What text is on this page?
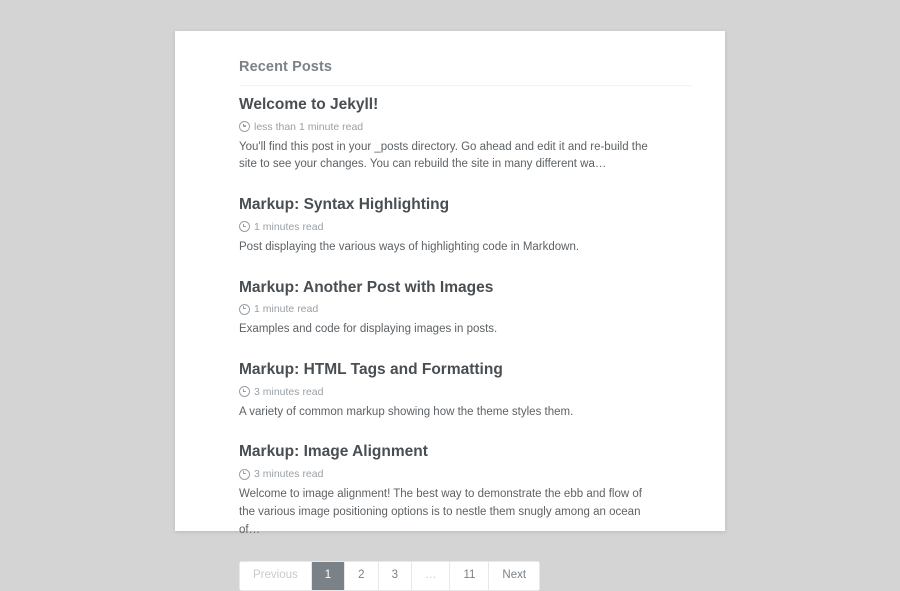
Recent Posts
Welcome to Jekyll!

less than 1 minute read

You'll find this post in your _posts directory. Go ahead and edit it and re-build the site to see your changes. You can rebuild the site in many different wa…

Markup: Syntax Highlighting

1 minutes read

Post displaying the various ways of highlighting code in Markdown.

Markup: Another Post with Images

1 minute read

Examples and code for displaying images in posts.

Markup: HTML Tags and Formatting

3 minutes read

A variety of common markup showing how the theme styles them.

Markup: Image Alignment

3 minutes read

Welcome to image alignment! The best way to demonstrate the ebb and flow of the various image positioning options is to nestle them snugly among an ocean of…

Previous	1	2	3	…	11	Next
